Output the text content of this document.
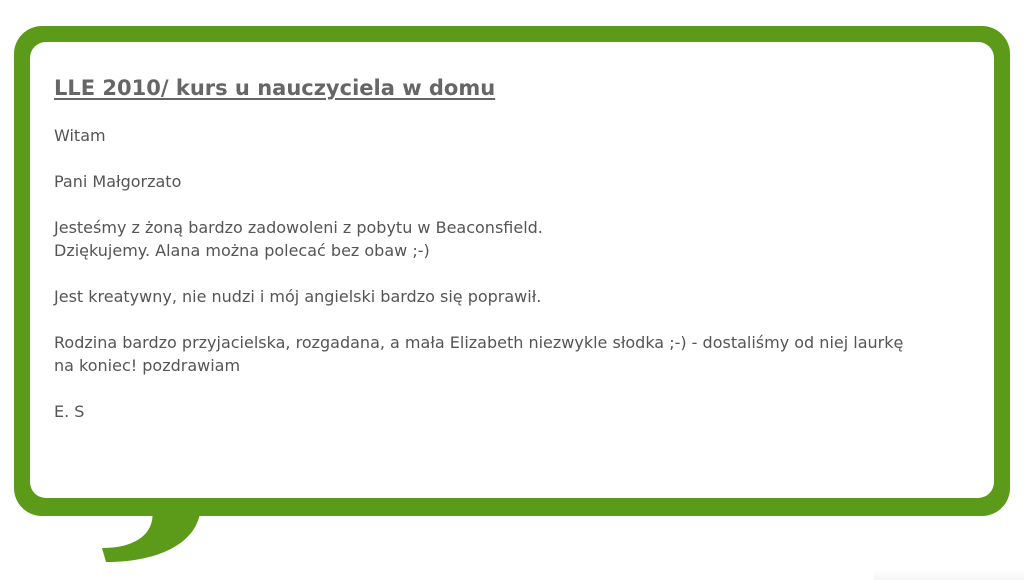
LLE 2010/ kurs u nauczyciela w domu

Witam

Pani Małgorzato

Jesteśmy z żoną bardzo zadowoleni z pobytu w Beaconsfield.
Dziękujemy. Alana można polecać bez obaw ;-)

Jest kreatywny, nie nudzi i mój angielski bardzo się poprawił.

Rodzina bardzo przyjacielska, rozgadana, a mała Elizabeth niezwykle słodka ;-) - dostaliśmy od niej laurkę
na koniec! pozdrawiam

E. S
